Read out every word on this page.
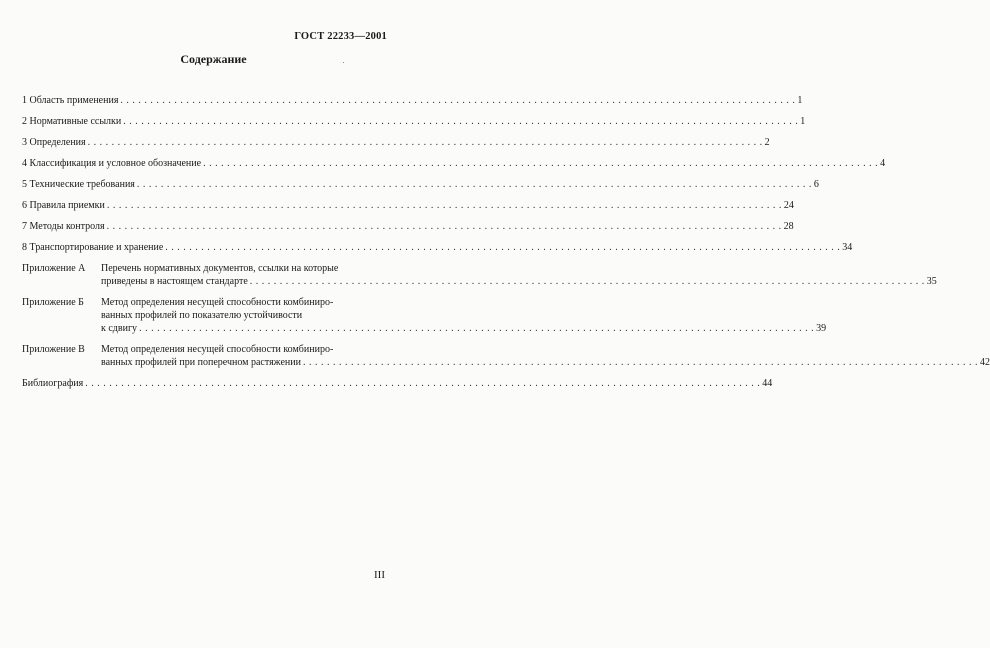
ГОСТ 22233—2001
Содержание
1 Область применения . . .	1
2 Нормативные ссылки . . .	1
3 Определения . . .	2
4 Классификация и условное обозначение . . .	4
5 Технические требования . . .	6
6 Правила приемки . . .	24
7 Методы контроля . . .	28
8 Транспортирование и хранение . . .	34
Приложение А	Перечень нормативных документов, ссылки на которые
приведены в настоящем стандарте . . .	35
Приложение Б	Метод определения несущей способности комбиниро-
ванных профилей по показателю устойчивости
к сдвигу . . .	39
Приложение В	Метод определения несущей способности комбиниро-
ванных профилей при поперечном растяжении . . .	42
Библиография . . .	44
III
